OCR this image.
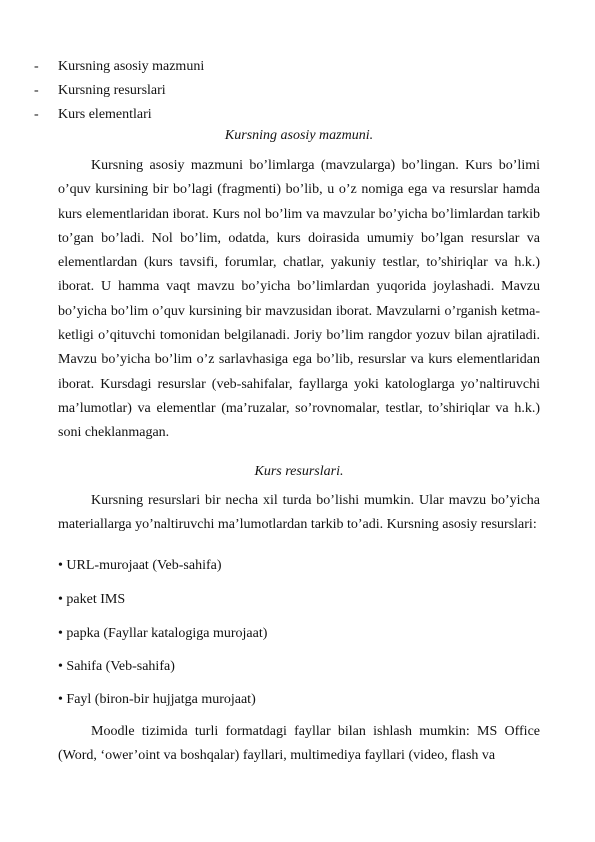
- Kursning asosiy mazmuni
- Kursning resurslari
- Kurs elementlari
Kursning asosiy mazmuni.

Kursning asosiy mazmuni bo’limlarga (mavzularga) bo’lingan. Kurs bo’limi o’quv kursining bir bo’lagi (fragmenti) bo’lib, u o’z nomiga ega va resurslar hamda kurs elementlaridan iborat. Kurs nol bo’lim va mavzular bo’yicha bo’limlardan tarkib to’gan bo’ladi. Nol bo’lim, odatda, kurs doirasida umumiy bo’lgan resurslar va elementlardan (kurs tavsifi, forumlar, chatlar, yakuniy testlar, to’shiriqlar va h.k.) iborat. U hamma vaqt mavzu bo’yicha bo’limlardan yuqorida joylashadi. Mavzu bo’yicha bo’lim o’quv kursining bir mavzusidan iborat. Mavzularni o’rganish ketma-ketligi o’qituvchi tomonidan belgilanadi. Joriy bo’lim rangdor yozuv bilan ajratiladi. Mavzu bo’yicha bo’lim o’z sarlavhasiga ega bo’lib, resurslar va kurs elementlaridan iborat. Kursdagi resurslar (veb-sahifalar, fayllarga yoki katologlarga yo’naltiruvchi ma’lumotlar) va elementlar (ma’ruzalar, so’rovnomalar, testlar, to’shiriqlar va h.k.) soni cheklanmagan.

Kurs resurslari.

Kursning resurslari bir necha xil turda bo’lishi mumkin. Ular mavzu bo’yicha materiallarga yo’naltiruvchi ma’lumotlardan tarkib to’adi. Kursning asosiy resurslari:

• URL-murojaat (Veb-sahifa)
• paket IMS
• papka (Fayllar katalogiga murojaat)
• Sahifa (Veb-sahifa)
• Fayl (biron-bir hujjatga murojaat)

Moodle tizimida turli formatdagi fayllar bilan ishlash mumkin: MS Office (Word, ‘ower’oint va boshqalar) fayllari, multimediya fayllari (video, flash va
